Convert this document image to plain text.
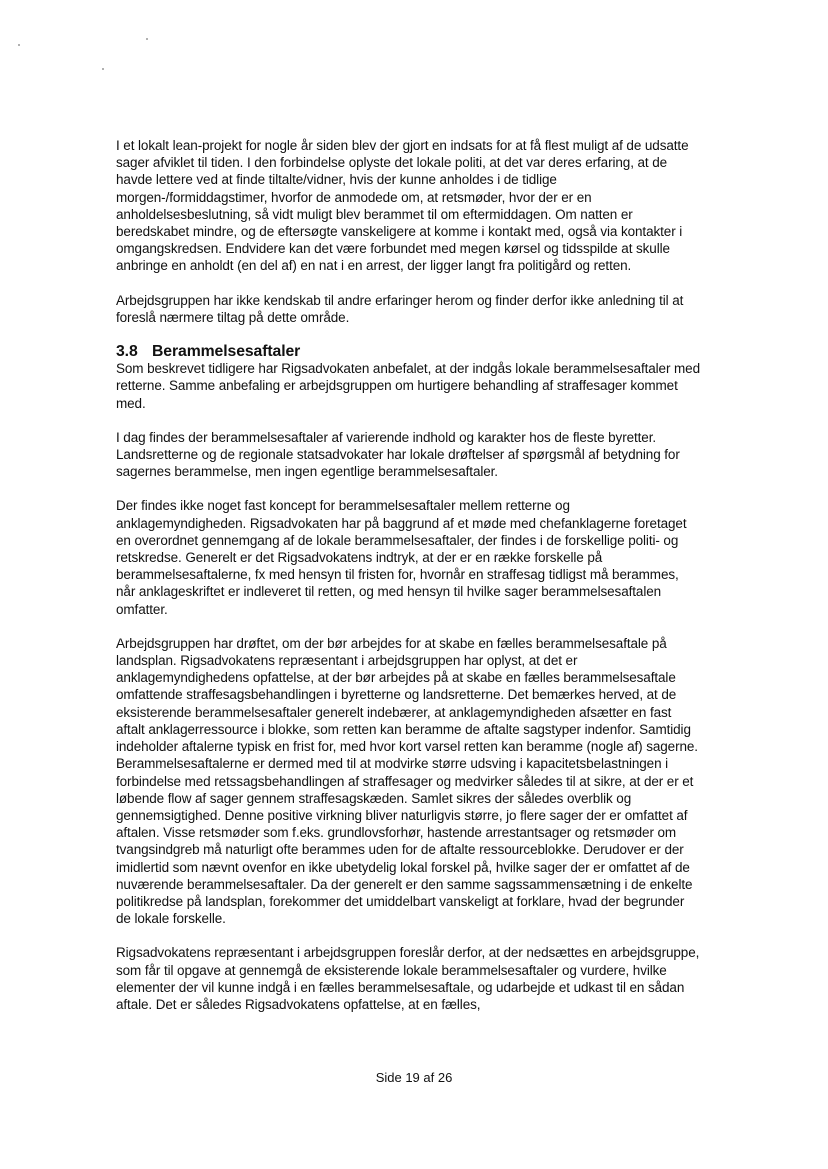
I et lokalt lean-projekt for nogle år siden blev der gjort en indsats for at få flest muligt af de udsatte sager afviklet til tiden. I den forbindelse oplyste det lokale politi, at det var deres erfaring, at de havde lettere ved at finde tiltalte/vidner, hvis der kunne anholdes i de tidlige morgen-/formiddagstimer, hvorfor de anmodede om, at retsmøder, hvor der er en anholdelsesbeslutning, så vidt muligt blev berammet til om eftermiddagen. Om natten er beredskabet mindre, og de eftersøgte vanskeligere at komme i kontakt med, også via kontakter i omgangskredsen. Endvidere kan det være forbundet med megen kørsel og tidsspilde at skulle anbringe en anholdt (en del af) en nat i en arrest, der ligger langt fra politigård og retten.

Arbejdsgruppen har ikke kendskab til andre erfaringer herom og finder derfor ikke anledning til at foreslå nærmere tiltag på dette område.

3.8 Berammelsesaftaler

Som beskrevet tidligere har Rigsadvokaten anbefalet, at der indgås lokale berammelsesaftaler med retterne. Samme anbefaling er arbejdsgruppen om hurtigere behandling af straffesager kommet med.

I dag findes der berammelsesaftaler af varierende indhold og karakter hos de fleste byretter. Landsretterne og de regionale statsadvokater har lokale drøftelser af spørgsmål af betydning for sagernes berammelse, men ingen egentlige berammelsesaftaler.

Der findes ikke noget fast koncept for berammelsesaftaler mellem retterne og anklagemyndigheden. Rigsadvokaten har på baggrund af et møde med chefanklagerne foretaget en overordnet gennemgang af de lokale berammelsesaftaler, der findes i de forskellige politi- og retskredse. Generelt er det Rigsadvokatens indtryk, at der er en række forskelle på berammelsesaftalerne, fx med hensyn til fristen for, hvornår en straffesag tidligst må berammes, når anklageskriftet er indleveret til retten, og med hensyn til hvilke sager berammelsesaftalen omfatter.

Arbejdsgruppen har drøftet, om der bør arbejdes for at skabe en fælles berammelsesaftale på landsplan. Rigsadvokatens repræsentant i arbejdsgruppen har oplyst, at det er anklagemyndighedens opfattelse, at der bør arbejdes på at skabe en fælles berammelsesaftale omfattende straffesagsbehandlingen i byretterne og landsretterne. Det bemærkes herved, at de eksisterende berammelsesaftaler generelt indebærer, at anklagemyndigheden afsætter en fast aftalt anklagerressource i blokke, som retten kan beramme de aftalte sagstyper indenfor. Samtidig indeholder aftalerne typisk en frist for, med hvor kort varsel retten kan beramme (nogle af) sagerne. Berammelsesaftalerne er dermed med til at modvirke større udsving i kapacitetsbelastningen i forbindelse med retssagsbehandlingen af straffesager og medvirker således til at sikre, at der er et løbende flow af sager gennem straffesagskæden. Samlet sikres der således overblik og gennemsigtighed. Denne positive virkning bliver naturligvis større, jo flere sager der er omfattet af aftalen. Visse retsmøder som f.eks. grundlovsforhør, hastende arrestantsager og retsmøder om tvangsindgreb må naturligt ofte berammes uden for de aftalte ressourceblokke. Derudover er der imidlertid som nævnt ovenfor en ikke ubetydelig lokal forskel på, hvilke sager der er omfattet af de nuværende berammelsesaftaler. Da der generelt er den samme sagssammensætning i de enkelte politikredse på landsplan, forekommer det umiddelbart vanskeligt at forklare, hvad der begrunder de lokale forskelle.

Rigsadvokatens repræsentant i arbejdsgruppen foreslår derfor, at der nedsættes en arbejdsgruppe, som får til opgave at gennemgå de eksisterende lokale berammelsesaftaler og vurdere, hvilke elementer der vil kunne indgå i en fælles berammelsesaftale, og udarbejde et udkast til en sådan aftale. Det er således Rigsadvokatens opfattelse, at en fælles,

Side 19 af 26
